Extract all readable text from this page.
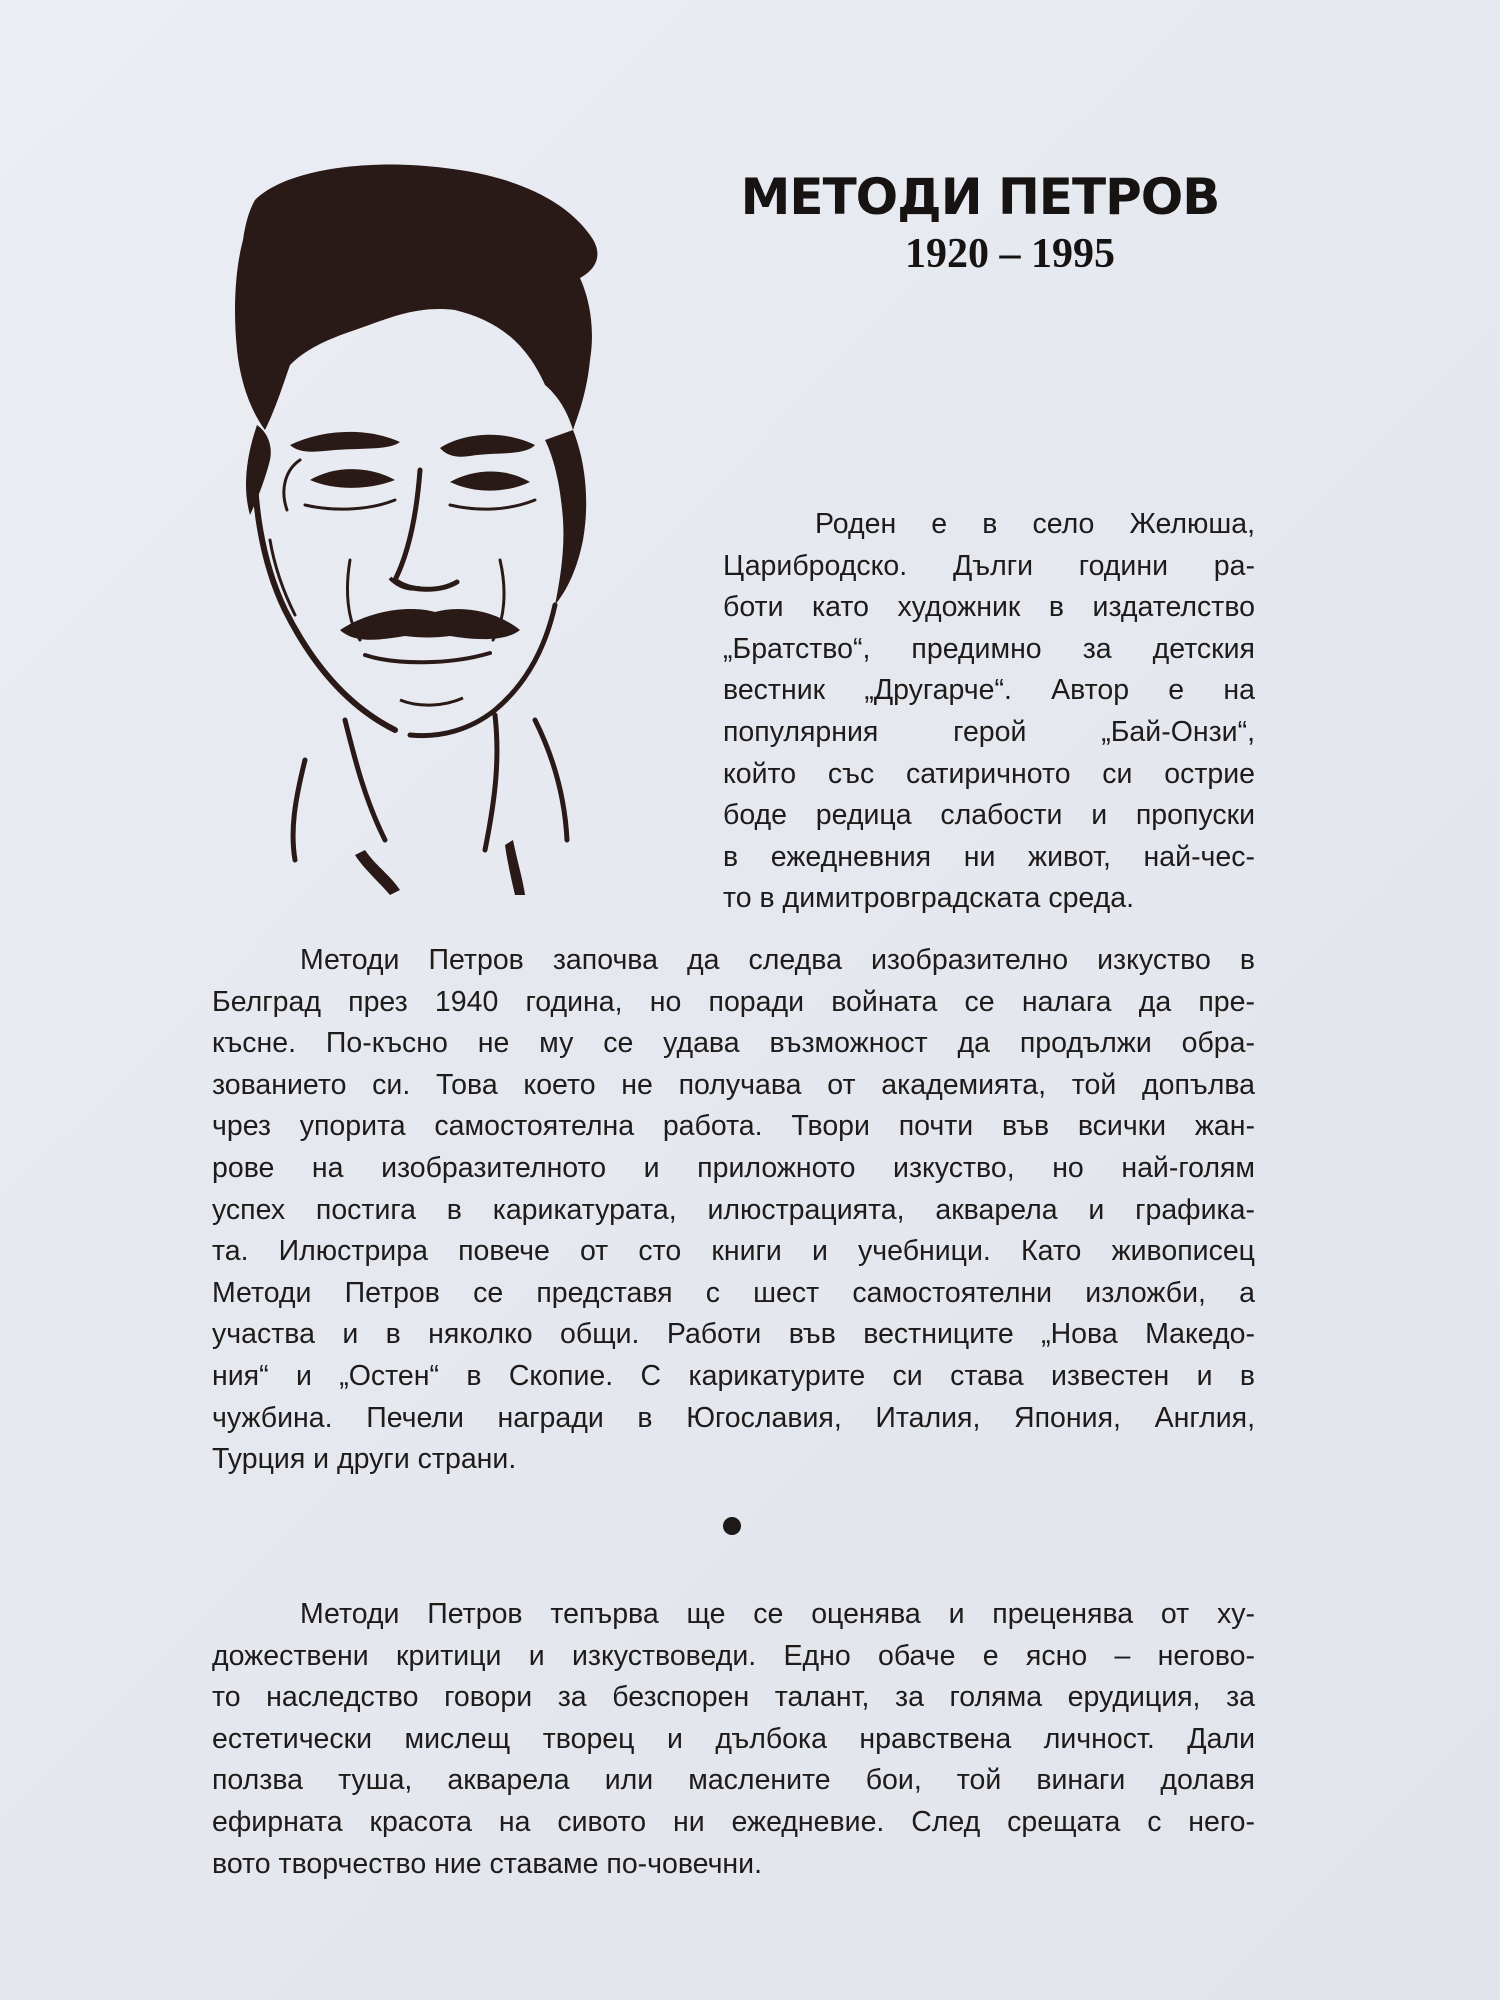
МЕТОДИ ПЕТРОВ
1920 – 1995
Роден е в село Желюша,
Царибродско. Дълги години ра-
боти като художник в издателство
„Братство“, предимно за детския
вестник „Другарче“. Автор е на
популярния герой „Бай-Онзи“,
който със сатиричното си острие
боде редица слабости и пропуски
в ежедневния ни живот, най-чес-
то в димитровградската среда.
Методи Петров започва да следва изобразително изкуство в
Белград през 1940 година, но поради войната се налага да пре-
късне. По-късно не му се удава възможност да продължи обра-
зованието си. Това което не получава от академията, той допълва
чрез упорита самостоятелна работа. Твори почти във всички жан-
рове на изобразителното и приложното изкуство, но най-голям
успех постига в карикатурата, илюстрацията, акварела и графика-
та. Илюстрира повече от сто книги и учебници. Като живописец
Методи Петров се представя с шест самостоятелни изложби, а
участва и в няколко общи. Работи във вестниците „Нова Македо-
ния“ и „Остен“ в Скопие. С карикатурите си става известен и в
чужбина. Печели награди в Югославия, Италия, Япония, Англия,
Турция и други страни.
Методи Петров тепърва ще се оценява и преценява от ху-
дожествени критици и изкуствоведи. Едно обаче е ясно – негово-
то наследство говори за безспорен талант, за голяма ерудиция, за
естетически мислещ творец и дълбока нравствена личност. Дали
ползва туша, акварела или маслените бои, той винаги долавя
ефирната красота на сивото ни ежедневие. След срещата с него-
вото творчество ние ставаме по-човечни.
